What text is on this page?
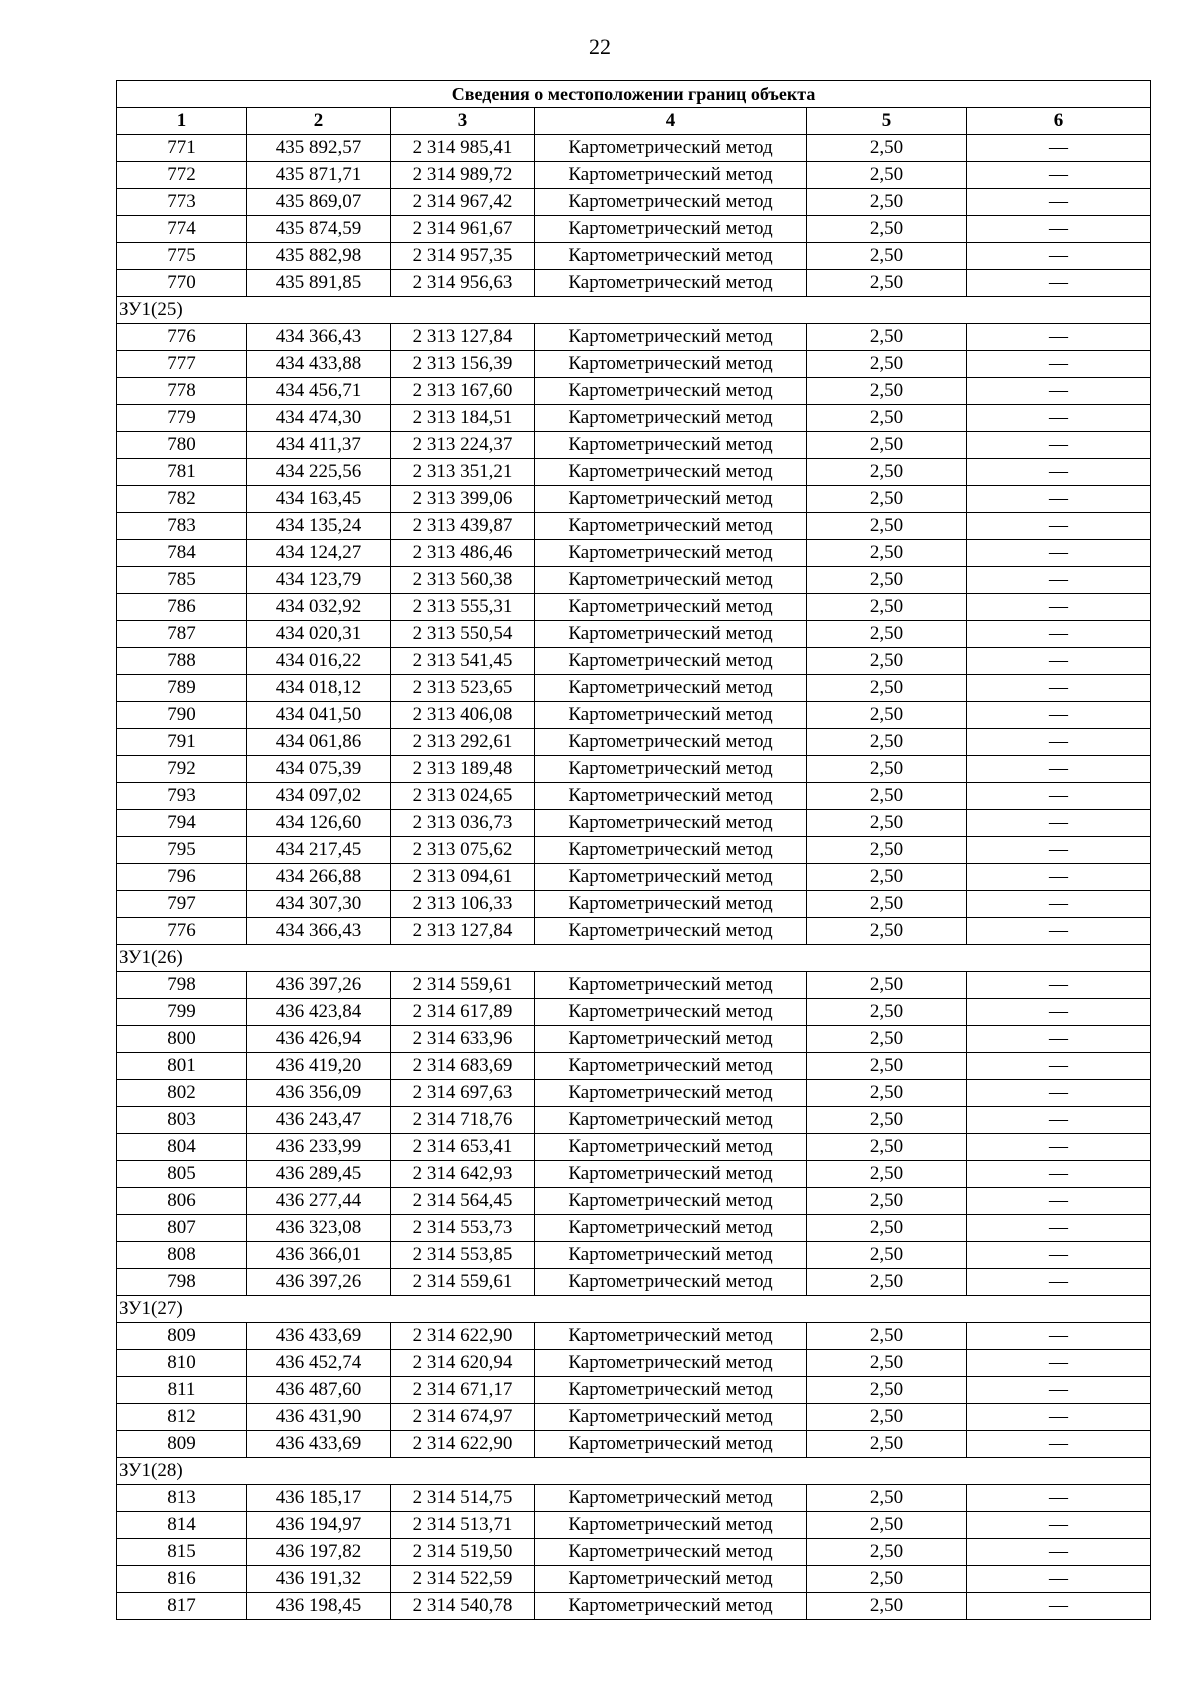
22
Сведения о местоположении границ объекта					
1	2	3	4	5	6
771	435 892,57	2 314 985,41	Картометрический метод	2,50	—
772	435 871,71	2 314 989,72	Картометрический метод	2,50	—
773	435 869,07	2 314 967,42	Картометрический метод	2,50	—
774	435 874,59	2 314 961,67	Картометрический метод	2,50	—
775	435 882,98	2 314 957,35	Картометрический метод	2,50	—
770	435 891,85	2 314 956,63	Картометрический метод	2,50	—
ЗУ1(25)					
776	434 366,43	2 313 127,84	Картометрический метод	2,50	—
777	434 433,88	2 313 156,39	Картометрический метод	2,50	—
778	434 456,71	2 313 167,60	Картометрический метод	2,50	—
779	434 474,30	2 313 184,51	Картометрический метод	2,50	—
780	434 411,37	2 313 224,37	Картометрический метод	2,50	—
781	434 225,56	2 313 351,21	Картометрический метод	2,50	—
782	434 163,45	2 313 399,06	Картометрический метод	2,50	—
783	434 135,24	2 313 439,87	Картометрический метод	2,50	—
784	434 124,27	2 313 486,46	Картометрический метод	2,50	—
785	434 123,79	2 313 560,38	Картометрический метод	2,50	—
786	434 032,92	2 313 555,31	Картометрический метод	2,50	—
787	434 020,31	2 313 550,54	Картометрический метод	2,50	—
788	434 016,22	2 313 541,45	Картометрический метод	2,50	—
789	434 018,12	2 313 523,65	Картометрический метод	2,50	—
790	434 041,50	2 313 406,08	Картометрический метод	2,50	—
791	434 061,86	2 313 292,61	Картометрический метод	2,50	—
792	434 075,39	2 313 189,48	Картометрический метод	2,50	—
793	434 097,02	2 313 024,65	Картометрический метод	2,50	—
794	434 126,60	2 313 036,73	Картометрический метод	2,50	—
795	434 217,45	2 313 075,62	Картометрический метод	2,50	—
796	434 266,88	2 313 094,61	Картометрический метод	2,50	—
797	434 307,30	2 313 106,33	Картометрический метод	2,50	—
776	434 366,43	2 313 127,84	Картометрический метод	2,50	—
ЗУ1(26)					
798	436 397,26	2 314 559,61	Картометрический метод	2,50	—
799	436 423,84	2 314 617,89	Картометрический метод	2,50	—
800	436 426,94	2 314 633,96	Картометрический метод	2,50	—
801	436 419,20	2 314 683,69	Картометрический метод	2,50	—
802	436 356,09	2 314 697,63	Картометрический метод	2,50	—
803	436 243,47	2 314 718,76	Картометрический метод	2,50	—
804	436 233,99	2 314 653,41	Картометрический метод	2,50	—
805	436 289,45	2 314 642,93	Картометрический метод	2,50	—
806	436 277,44	2 314 564,45	Картометрический метод	2,50	—
807	436 323,08	2 314 553,73	Картометрический метод	2,50	—
808	436 366,01	2 314 553,85	Картометрический метод	2,50	—
798	436 397,26	2 314 559,61	Картометрический метод	2,50	—
ЗУ1(27)					
809	436 433,69	2 314 622,90	Картометрический метод	2,50	—
810	436 452,74	2 314 620,94	Картометрический метод	2,50	—
811	436 487,60	2 314 671,17	Картометрический метод	2,50	—
812	436 431,90	2 314 674,97	Картометрический метод	2,50	—
809	436 433,69	2 314 622,90	Картометрический метод	2,50	—
ЗУ1(28)					
813	436 185,17	2 314 514,75	Картометрический метод	2,50	—
814	436 194,97	2 314 513,71	Картометрический метод	2,50	—
815	436 197,82	2 314 519,50	Картометрический метод	2,50	—
816	436 191,32	2 314 522,59	Картометрический метод	2,50	—
817	436 198,45	2 314 540,78	Картометрический метод	2,50	—
